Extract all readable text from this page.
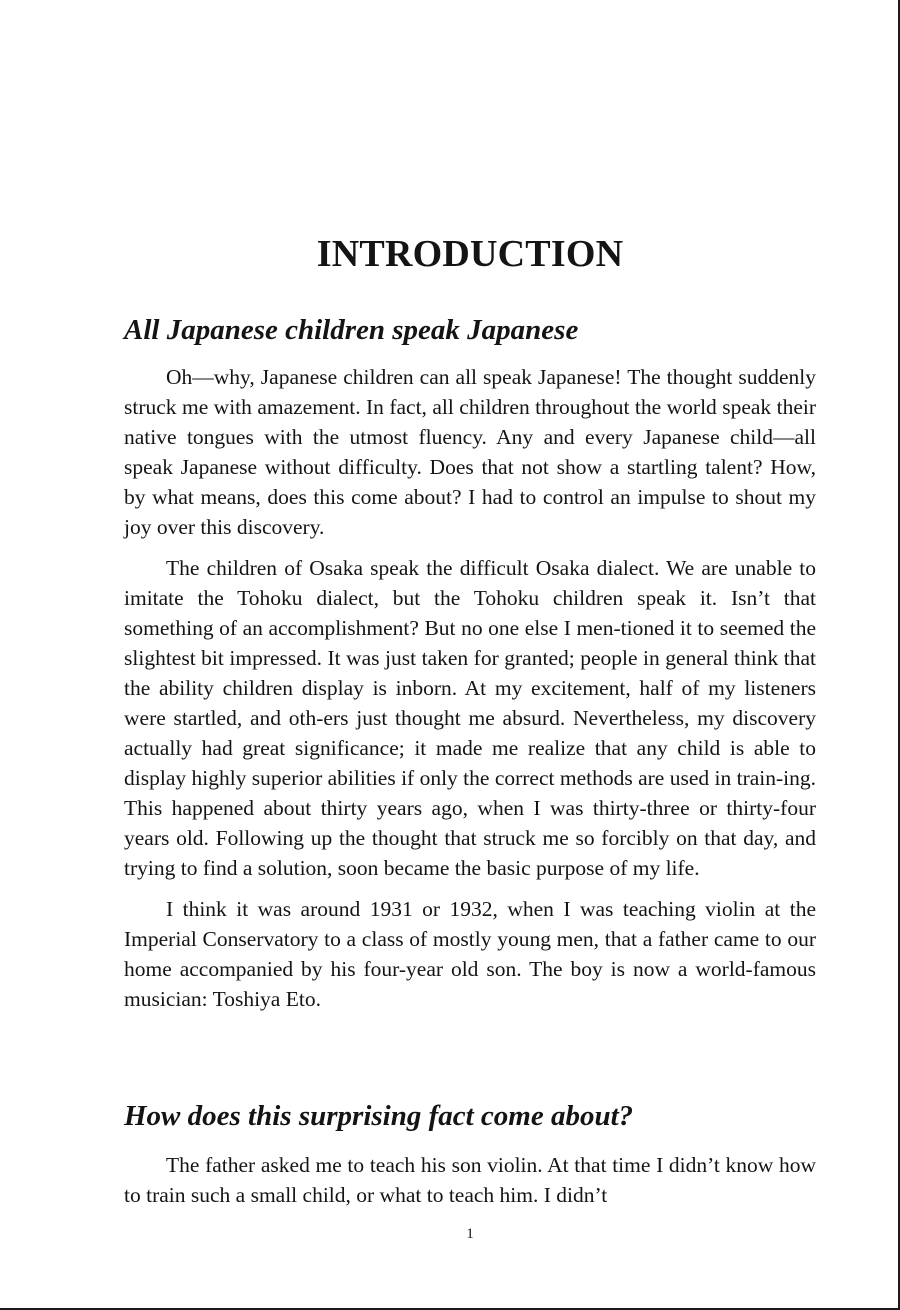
INTRODUCTION
All Japanese children speak Japanese

Oh—why, Japanese children can all speak Japanese! The thought suddenly struck me with amazement. In fact, all children throughout the world speak their native tongues with the utmost fluency. Any and every Japanese child—all speak Japanese without difficulty. Does that not show a startling talent? How, by what means, does this come about? I had to control an impulse to shout my joy over this discovery.

The children of Osaka speak the difficult Osaka dialect. We are unable to imitate the Tohoku dialect, but the Tohoku children speak it. Isn’t that something of an accomplishment? But no one else I men-tioned it to seemed the slightest bit impressed. It was just taken for granted; people in general think that the ability children display is inborn. At my excitement, half of my listeners were startled, and oth-ers just thought me absurd. Nevertheless, my discovery actually had great significance; it made me realize that any child is able to display highly superior abilities if only the correct methods are used in train-ing. This happened about thirty years ago, when I was thirty-three or thirty-four years old. Following up the thought that struck me so forcibly on that day, and trying to find a solution, soon became the basic purpose of my life.

I think it was around 1931 or 1932, when I was teaching violin at the Imperial Conservatory to a class of mostly young men, that a father came to our home accompanied by his four-year old son. The boy is now a world-famous musician: Toshiya Eto.

How does this surprising fact come about?

The father asked me to teach his son violin. At that time I didn’t know how to train such a small child, or what to teach him. I didn’t

1
